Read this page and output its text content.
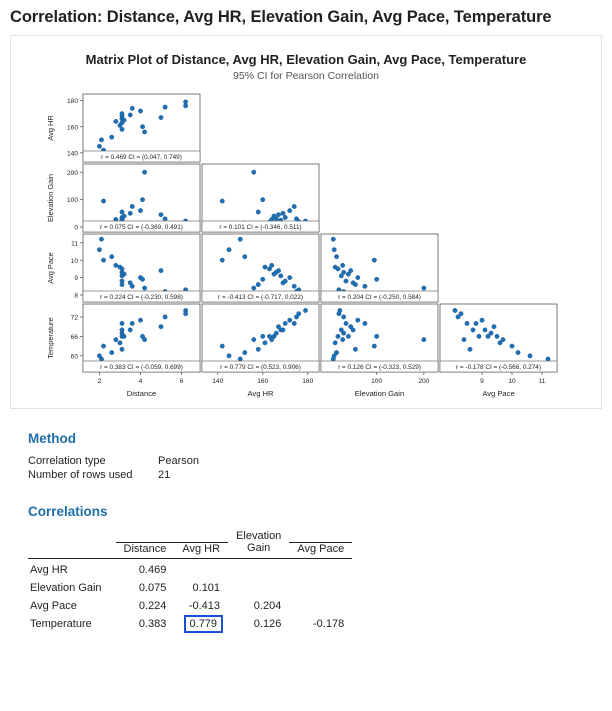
Correlation: Distance, Avg HR, Elevation Gain, Avg Pace, Temperature
Matrix Plot of Distance, Avg HR, Elevation Gain, Avg Pace, Temperature
95% CI for Pearson Correlation
r = 0.469 CI = (0.047, 0.749)
140
160
180
Avg HR
r = 0.075 CI = (-0.369, 0.491)
0
100
200
Elevation Gain
r = 0.101 CI = (-0.346, 0.511)
r = 0.224 CI = (-0.230, 0.598)
8
9
10
11
Avg Pace
r = -0.413 CI = (-0.717, 0.022)	r = 0.204 CI = (-0.250, 0.584)
r = 0.383 CI = (-0.059, 0.699)
60
66
72
Temperature
2	4	6
Distance
r = 0.779 CI = (0.523, 0.906)
140	160	180
Avg HR
r = 0.126 CI = (-0.323, 0.529)
100	200
Elevation Gain
r = -0.178 CI = (-0.566, 0.274)
9	10	11
Avg Pace
Method
Correlation type	Pearson
Number of rows used	21
Correlations
			Elevation	
	Distance	Avg HR	Gain	Avg Pace
Avg HR	0.469			
Elevation Gain	0.075	0.101		
Avg Pace	0.224	-0.413	0.204	
Temperature	0.383	0.779	0.126	-0.178
